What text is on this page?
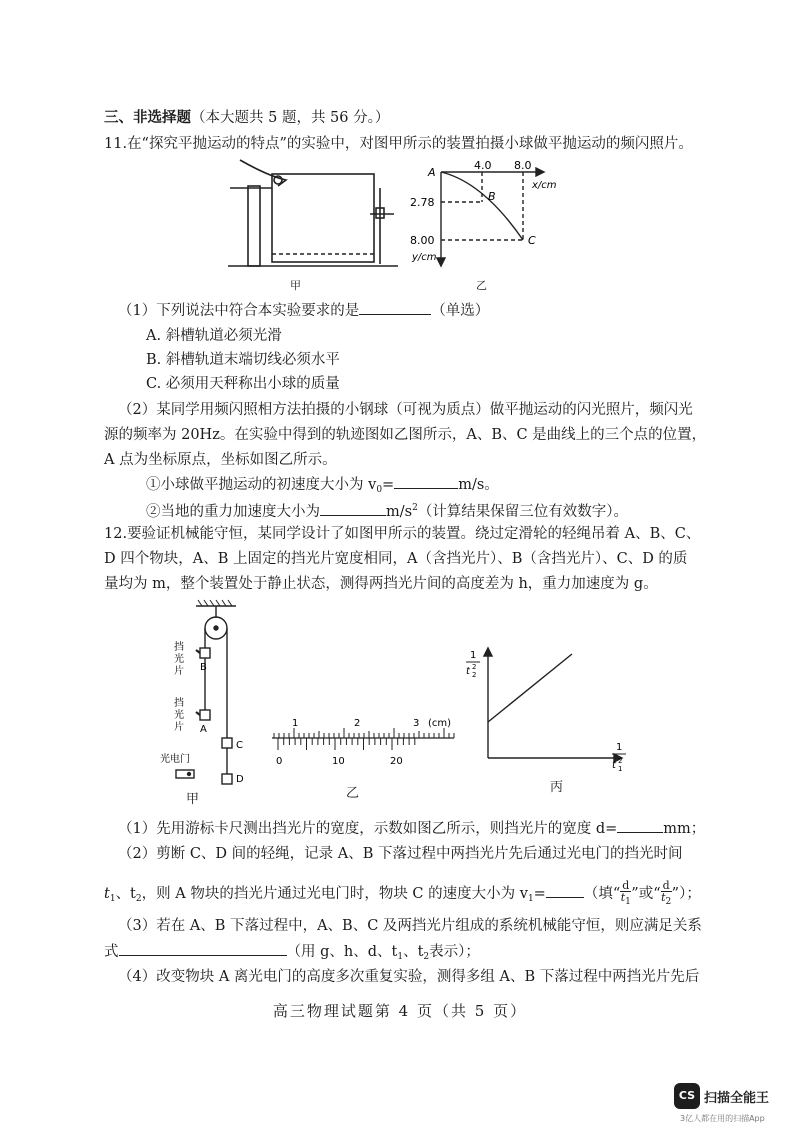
三、非选择题（本大题共 5 题，共 56 分。）
11.在“探究平抛运动的特点”的实验中，对图甲所示的装置拍摄小球做平抛运动的频闪照片。
甲
A
4.0 8.0
x/cm
2.78
8.00
y/cm
B
C
乙
（1）下列说法中符合本实验要求的是	（单选）
A. 斜槽轨道必须光滑
B. 斜槽轨道末端切线必须水平
C. 必须用天秤称出小球的质量
（2）某同学用频闪照相方法拍摄的小钢球（可视为质点）做平抛运动的闪光照片，频闪光
源的频率为 20Hz。在实验中得到的轨迹图如乙图所示，A、B、C 是曲线上的三个点的位置，
A 点为坐标原点，坐标如图乙所示。
①小球做平抛运动的初速度大小为 $v_0=$	m/s。
②当地的重力加速度大小为	$m/s^2$（计算结果保留三位有效数字）。
12.要验证机械能守恒，某同学设计了如图甲所示的装置。绕过定滑轮的轻绳吊着 A、B、C、
D 四个物块，A、B 上固定的挡光片宽度相同，A（含挡光片）、B（含挡光片）、C、D 的质
量均为 m，整个装置处于静止状态，测得两挡光片间的高度差为 h，重力加速度为 g。
挡
光
片 B
挡
光
片 A
C
D
光电门
甲
1	2	3 (cm)
0	10	20
乙
1
t 2
2
1
t 1
2
丙
（1）先用游标卡尺测出挡光片的宽度，示数如图乙所示，则挡光片的宽度 d=	mm；
（2）剪断 C、D 间的轻绳，记录 A、B 下落过程中两挡光片先后通过光电门的挡光时间
$t_1$、$t_2$，则 A 物块的挡光片通过光电门时，物块 C 的速度大小为 $v_1=$	（填“ $\frac{d}{t_1}$ ”或“ $\frac{d}{t_2}$ ”）；
（3）若在 A、B 下落过程中，A、B、C 及两挡光片组成的系统机械能守恒，则应满足关系
式	（用 g、h、d、$t_1$、$t_2$表示）；
（4）改变物块 A 离光电门的高度多次重复实验，测得多组 A、B 下落过程中两挡光片先后
高三物理试题第 4 页（共 5 页）
CS 扫描全能王
3亿人都在用的扫描App
